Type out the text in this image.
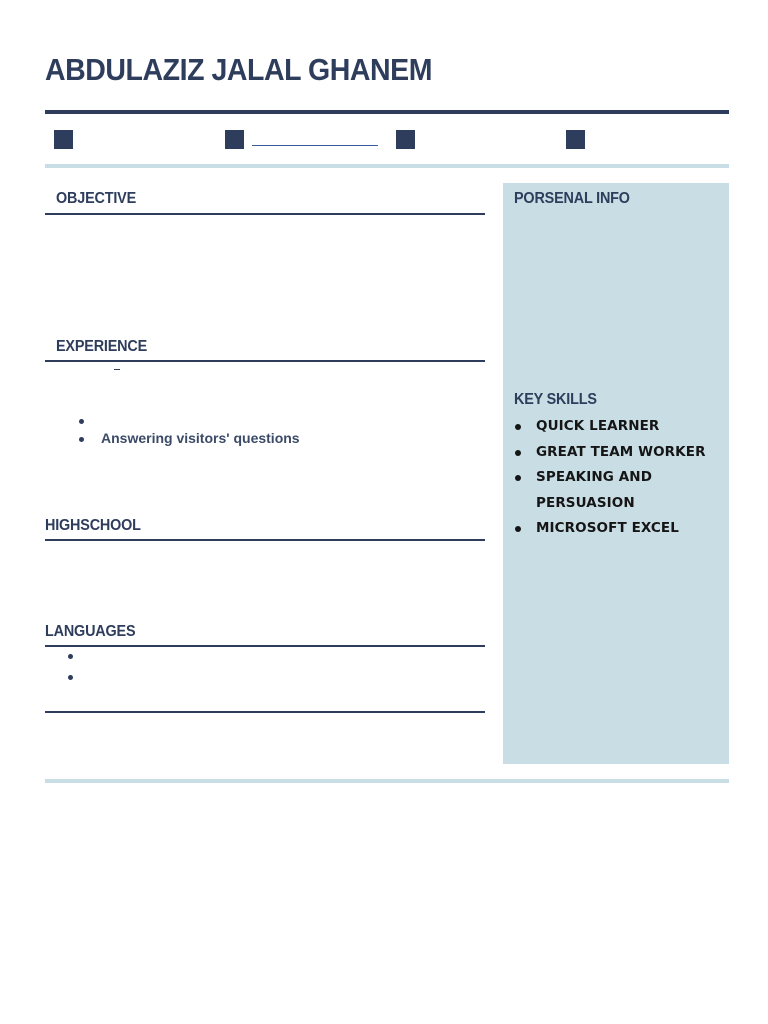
ABDULAZIZ JALAL GHANEM
OBJECTIVE
EXPERIENCE
Answering visitors' questions
HIGHSCHOOL
LANGUAGES
PORSENAL INFO
KEY SKILLS
QUICK LEARNER
GREAT TEAM WORKER
SPEAKING AND PERSUASION
MICROSOFT EXCEL
